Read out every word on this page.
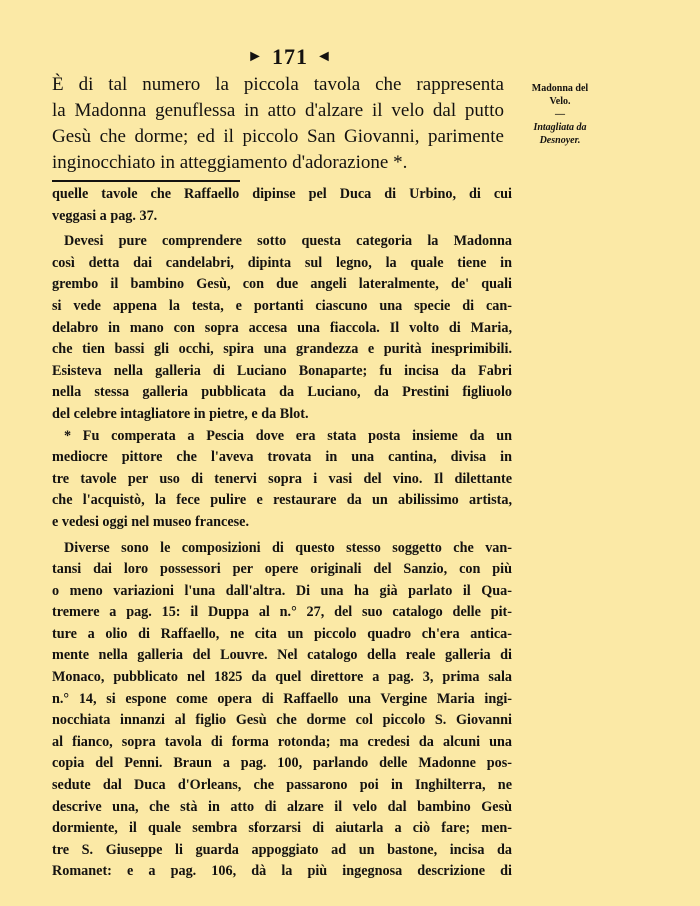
► 171 ◄
È di tal numero la piccola tavola che rappresenta
la Madonna genuflessa in atto d'alzare il velo dal putto
Gesù che dorme; ed il piccolo San Giovanni, parimente
inginocchiato in atteggiamento d'adorazione *.
Madonna del
Velo.
—
Intagliata da
Desnoyer.
quelle tavole che Raffaello dipinse pel Duca di Urbino, di cui
veggasi a pag. 37.
Devesi pure comprendere sotto questa categoria la Madonna
così detta dai candelabri, dipinta sul legno, la quale tiene in
grembo il bambino Gesù, con due angeli lateralmente, de' quali
si vede appena la testa, e portanti ciascuno una specie di can-
delabro in mano con sopra accesa una fiaccola. Il volto di Maria,
che tien bassi gli occhi, spira una grandezza e purità inesprimibili.
Esisteva nella galleria di Luciano Bonaparte; fu incisa da Fabri
nella stessa galleria pubblicata da Luciano, da Prestini figliuolo
del celebre intagliatore in pietre, e da Blot.
* Fu comperata a Pescia dove era stata posta insieme da un
mediocre pittore che l'aveva trovata in una cantina, divisa in
tre tavole per uso di tenervi sopra i vasi del vino. Il dilettante
che l'acquistò, la fece pulire e restaurare da un abilissimo artista,
e vedesi oggi nel museo francese.
Diverse sono le composizioni di questo stesso soggetto che van-
tansi dai loro possessori per opere originali del Sanzio, con più
o meno variazioni l'una dall'altra. Di una ha già parlato il Qua-
tremere a pag. 15: il Duppa al n.° 27, del suo catalogo delle pit-
ture a olio di Raffaello, ne cita un piccolo quadro ch'era antica-
mente nella galleria del Louvre. Nel catalogo della reale galleria di
Monaco, pubblicato nel 1825 da quel direttore a pag. 3, prima sala
n.° 14, si espone come opera di Raffaello una Vergine Maria ingi-
nocchiata innanzi al figlio Gesù che dorme col piccolo S. Giovanni
al fianco, sopra tavola di forma rotonda; ma credesi da alcuni una
copia del Penni. Braun a pag. 100, parlando delle Madonne pos-
sedute dal Duca d'Orleans, che passarono poi in Inghilterra, ne
descrive una, che stà in atto di alzare il velo dal bambino Gesù
dormiente, il quale sembra sforzarsi di aiutarla a ciò fare; men-
tre S. Giuseppe li guarda appoggiato ad un bastone, incisa da
Romanet: e a pag. 106, dà la più ingegnosa descrizione di
